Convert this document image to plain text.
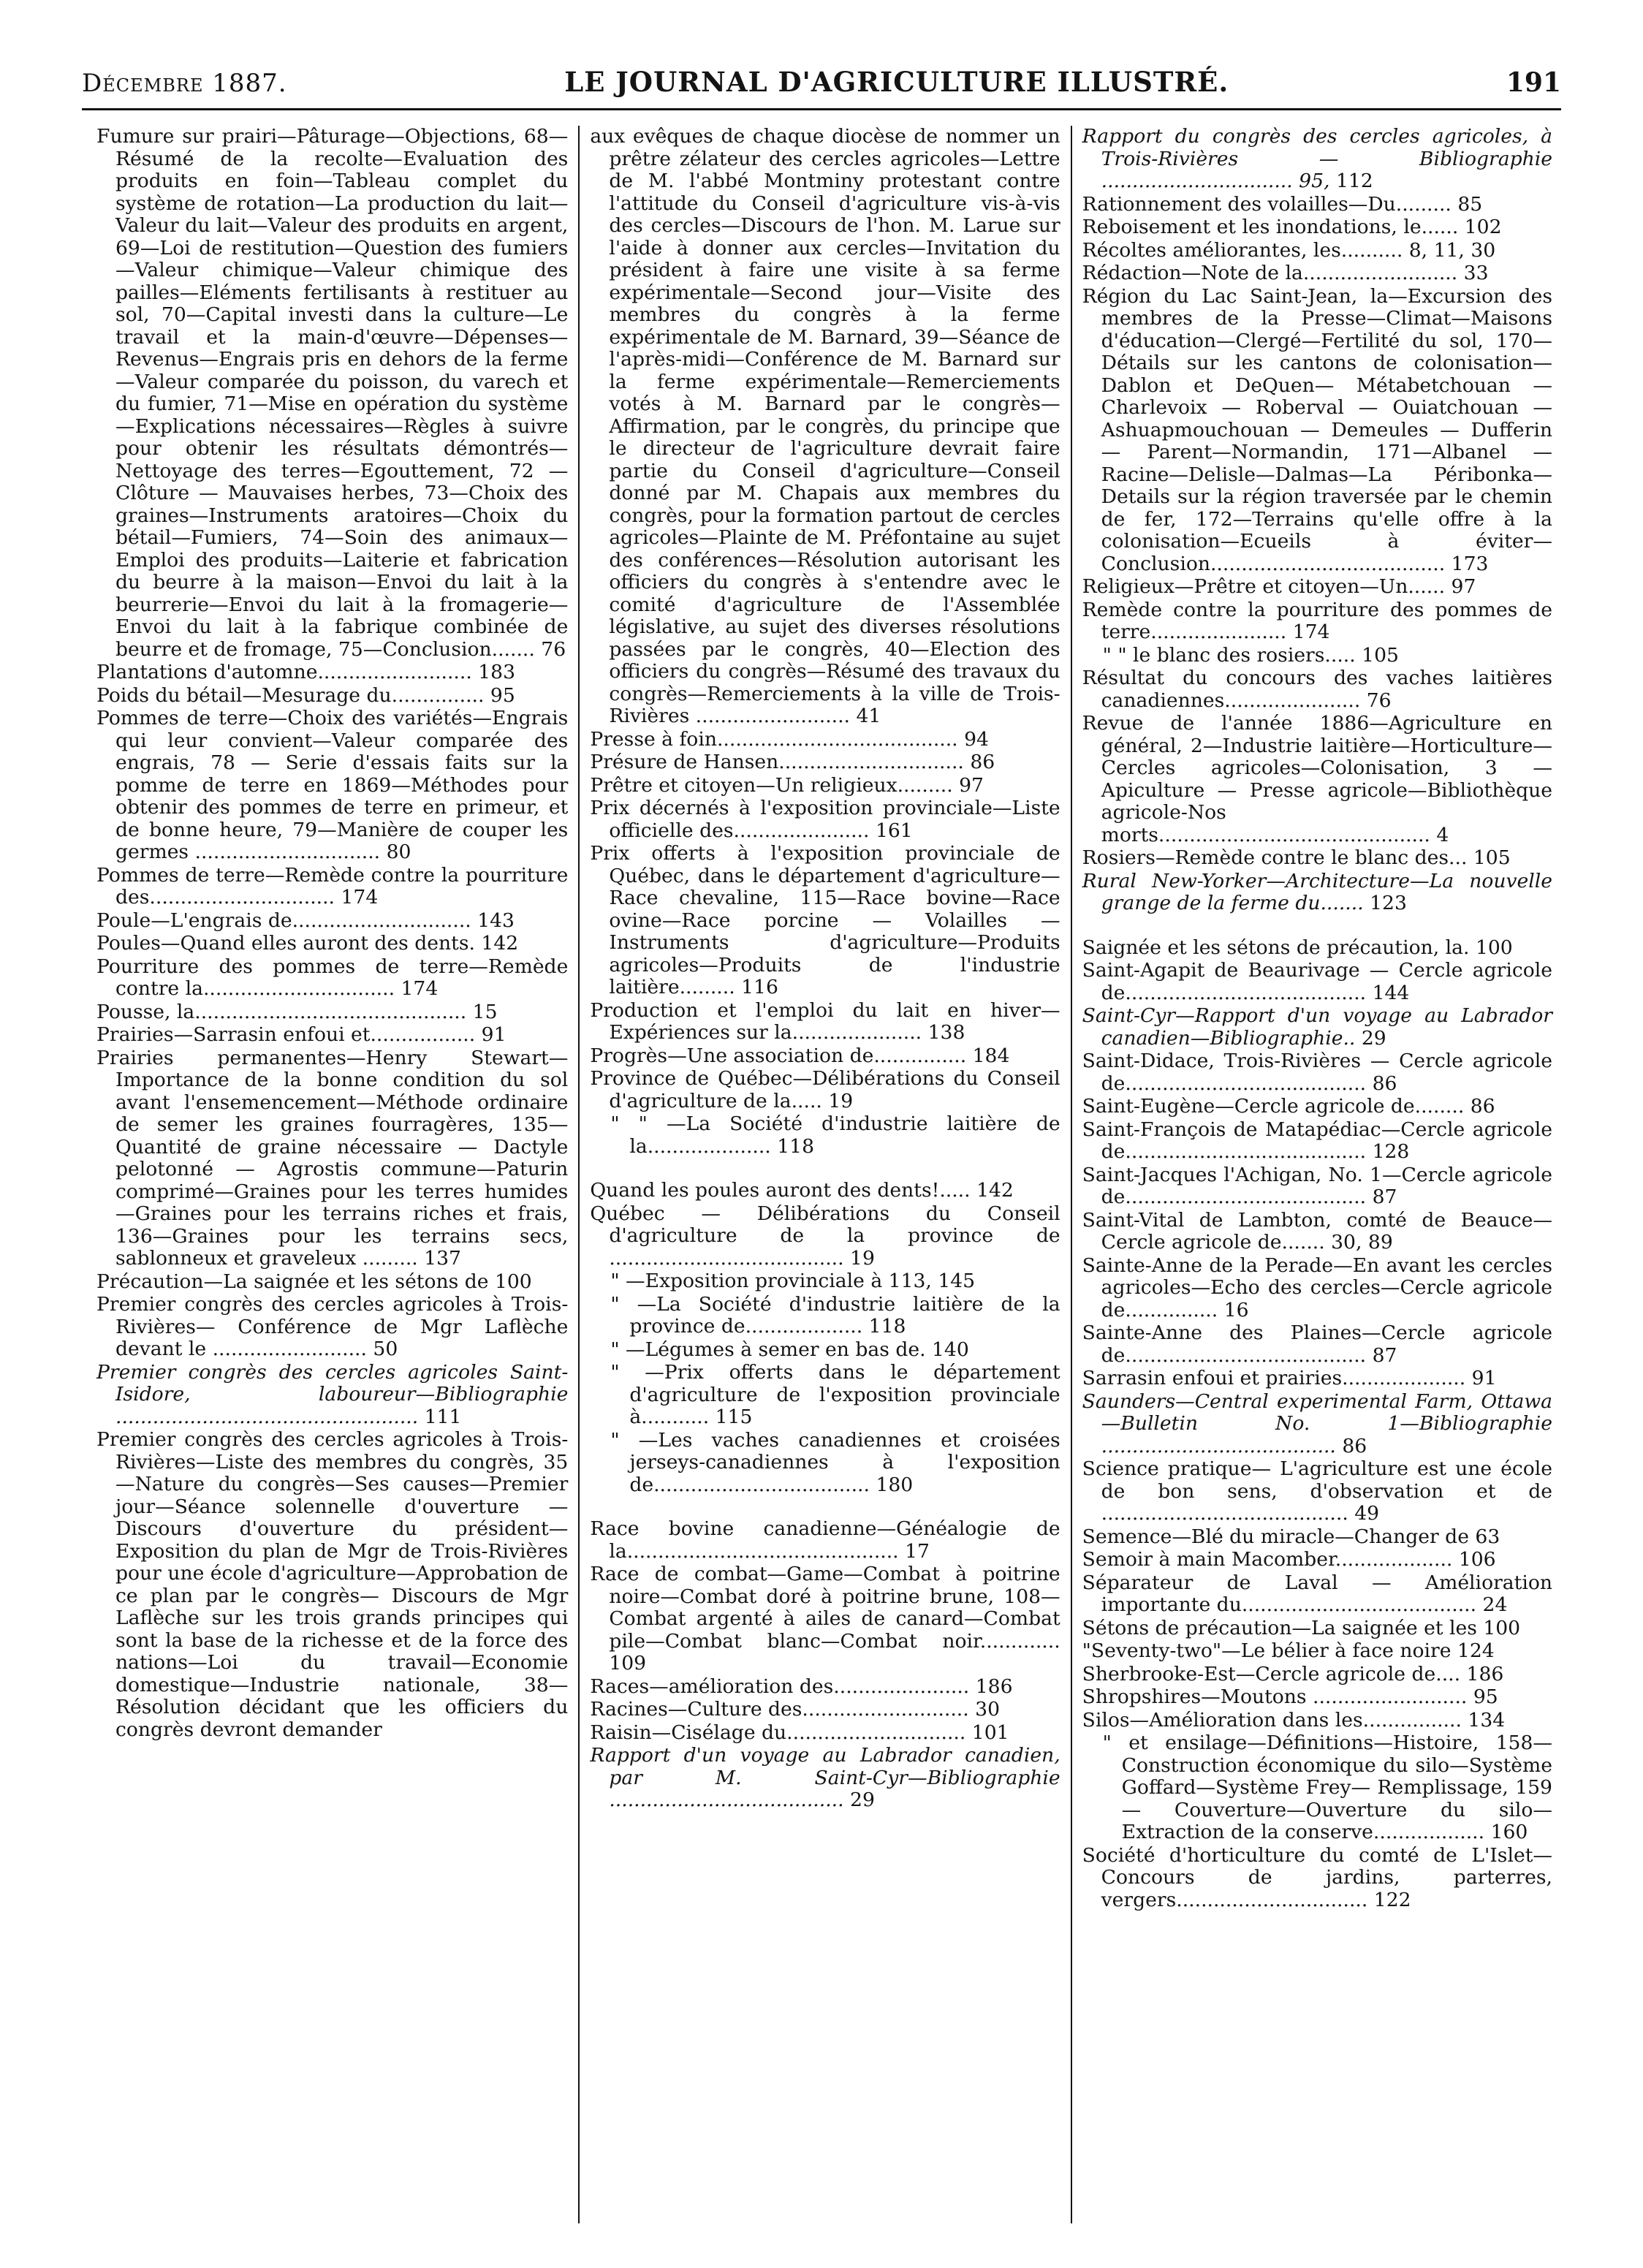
Décembre 1887.	LE JOURNAL D'AGRICULTURE ILLUSTRÉ.	191
Fumure sur prairi—Pâturage—Objections, 68—Résumé de la recolte—Evaluation des produits en foin—Tableau complet du système de rotation—La production du lait—Valeur du lait—Valeur des produits en argent, 69—Loi de restitution—Question des fumiers—Valeur chimique—Valeur chimique des pailles—Eléments fertilisants à restituer au sol, 70—Capital investi dans la culture—Le travail et la main-d'œuvre—Dépenses—Revenus—Engrais pris en dehors de la ferme—Valeur comparée du poisson, du varech et du fumier, 71—Mise en opération du système—Explications nécessaires—Règles à suivre pour obtenir les résultats démontrés—Nettoyage des terres—Egouttement, 72 — Clôture — Mauvaises herbes, 73—Choix des graines—Instruments aratoires—Choix du bétail—Fumiers, 74—Soin des animaux—Emploi des produits—Laiterie et fabrication du beurre à la maison—Envoi du lait à la beurrerie—Envoi du lait à la fromagerie—Envoi du lait à la fabrique combinée de beurre et de fromage, 75—Conclusion....... 76
Plantations d'automne......................... 183
Poids du bétail—Mesurage du............... 95
Pommes de terre—Choix des variétés—Engrais qui leur convient—Valeur comparée des engrais, 78 — Serie d'essais faits sur la pomme de terre en 1869—Méthodes pour obtenir des pommes de terre en primeur, et de bonne heure, 79—Manière de couper les germes .............................. 80
Pommes de terre—Remède contre la pourriture des.............................. 174
Poule—L'engrais de............................. 143
Poules—Quand elles auront des dents. 142
Pourriture des pommes de terre—Remède contre la............................... 174
Pousse, la............................................ 15
Prairies—Sarrasin enfoui et................. 91
Prairies permanentes—Henry Stewart—Importance de la bonne condition du sol avant l'ensemencement—Méthode ordinaire de semer les graines fourragères, 135—Quantité de graine nécessaire — Dactyle pelotonné — Agrostis commune—Paturin comprimé—Graines pour les terres humides—Graines pour les terrains riches et frais, 136—Graines pour les terrains secs, sablonneux et graveleux ......... 137
Précaution—La saignée et les sétons de 100
Premier congrès des cercles agricoles à Trois-Rivières— Conférence de Mgr Laflèche devant le ......................... 50
Premier congrès des cercles agricoles Saint-Isidore, laboureur—Bibliographie ................................................. 111
Premier congrès des cercles agricoles à Trois-Rivières—Liste des membres du congrès, 35—Nature du congrès—Ses causes—Premier jour—Séance solennelle d'ouverture — Discours d'ouverture du président—Exposition du plan de Mgr de Trois-Rivières pour une école d'agriculture—Approbation de ce plan par le congrès— Discours de Mgr Laflèche sur les trois grands principes qui sont la base de la richesse et de la force des nations—Loi du travail—Economie domestique—Industrie nationale, 38—Résolution décidant que les officiers du congrès devront demander
aux evêques de chaque diocèse de nommer un prêtre zélateur des cercles agricoles—Lettre de M. l'abbé Montminy protestant contre l'attitude du Conseil d'agriculture vis-à-vis des cercles—Discours de l'hon. M. Larue sur l'aide à donner aux cercles—Invitation du président à faire une visite à sa ferme expérimentale—Second jour—Visite des membres du congrès à la ferme expérimentale de M. Barnard, 39—Séance de l'après-midi—Conférence de M. Barnard sur la ferme expérimentale—Remerciements votés à M. Barnard par le congrès—Affirmation, par le congrès, du principe que le directeur de l'agriculture devrait faire partie du Conseil d'agriculture—Conseil donné par M. Chapais aux membres du congrès, pour la formation partout de cercles agricoles—Plainte de M. Préfontaine au sujet des conférences—Résolution autorisant les officiers du congrès à s'entendre avec le comité d'agriculture de l'Assemblée législative, au sujet des diverses résolutions passées par le congrès, 40—Election des officiers du congrès—Résumé des travaux du congrès—Remerciements à la ville de Trois-Rivières ......................... 41
Presse à foin....................................... 94
Présure de Hansen.............................. 86
Prêtre et citoyen—Un religieux......... 97
Prix décernés à l'exposition provinciale—Liste officielle des...................... 161
Prix offerts à l'exposition provinciale de Québec, dans le département d'agriculture—Race chevaline, 115—Race bovine—Race ovine—Race porcine — Volailles — Instruments d'agriculture—Produits agricoles—Produits de l'industrie laitière......... 116
Production et l'emploi du lait en hiver—Expériences sur la..................... 138
Progrès—Une association de............... 184
Province de Québec—Délibérations du Conseil d'agriculture de la..... 19
" " —La Société d'industrie laitière de la.................... 118
Quand les poules auront des dents!..... 142
Québec — Délibérations du Conseil d'agriculture de la province de ...................................... 19
" —Exposition provinciale à 113, 145
" —La Société d'industrie laitière de la province de................... 118
" —Légumes à semer en bas de. 140
" —Prix offerts dans le département d'agriculture de l'exposition provinciale à........... 115
" —Les vaches canadiennes et croisées jerseys-canadiennes à l'exposition de................................... 180
Race bovine canadienne—Généalogie de la............................................ 17
Race de combat—Game—Combat à poitrine noire—Combat doré à poitrine brune, 108—Combat argenté à ailes de canard—Combat pile—Combat blanc—Combat noir.............109
Races—amélioration des...................... 186
Racines—Culture des........................... 30
Raisin—Cisélage du............................. 101
Rapport d'un voyage au Labrador canadien, par M. Saint-Cyr—Bibliographie ...................................... 29
Rapport du congrès des cercles agricoles, à Trois-Rivières — Bibliographie ............................... 95, 112
Rationnement des volailles—Du......... 85
Reboisement et les inondations, le...... 102
Récoltes améliorantes, les.......... 8, 11, 30
Rédaction—Note de la......................... 33
Région du Lac Saint-Jean, la—Excursion des membres de la Presse—Climat—Maisons d'éducation—Clergé—Fertilité du sol, 170—Détails sur les cantons de colonisation—Dablon et DeQuen— Métabetchouan —Charlevoix — Roberval — Ouiatchouan — Ashuapmouchouan — Demeules — Dufferin — Parent—Normandin, 171—Albanel — Racine—Delisle—Dalmas—La Péribonka—Details sur la région traversée par le chemin de fer, 172—Terrains qu'elle offre à la colonisation—Ecueils à éviter— Conclusion...................................... 173
Religieux—Prêtre et citoyen—Un...... 97
Remède contre la pourriture des pommes de terre...................... 174
" " le blanc des rosiers..... 105
Résultat du concours des vaches laitières canadiennes...................... 76
Revue de l'année 1886—Agriculture en général, 2—Industrie laitière—Horticulture—Cercles agricoles—Colonisation, 3 — Apiculture — Presse agricole—Bibliothèque agricole-Nos morts............................................ 4
Rosiers—Remède contre le blanc des... 105
Rural New-Yorker—Architecture—La nouvelle grange de la ferme du....... 123
Saignée et les sétons de précaution, la. 100
Saint-Agapit de Beaurivage — Cercle agricole de....................................... 144
Saint-Cyr—Rapport d'un voyage au Labrador canadien—Bibliographie.. 29
Saint-Didace, Trois-Rivières — Cercle agricole de....................................... 86
Saint-Eugène—Cercle agricole de........ 86
Saint-François de Matapédiac—Cercle agricole de....................................... 128
Saint-Jacques l'Achigan, No. 1—Cercle agricole de....................................... 87
Saint-Vital de Lambton, comté de Beauce—Cercle agricole de....... 30, 89
Sainte-Anne de la Perade—En avant les cercles agricoles—Echo des cercles—Cercle agricole de............... 16
Sainte-Anne des Plaines—Cercle agricole de....................................... 87
Sarrasin enfoui et prairies.................... 91
Saunders—Central experimental Farm, Ottawa—Bulletin No. 1—Bibliographie ...................................... 86
Science pratique— L'agriculture est une école de bon sens, d'observation et de ........................................ 49
Semence—Blé du miracle—Changer de 63
Semoir à main Macomber................... 106
Séparateur de Laval — Amélioration importante du...................................... 24
Sétons de précaution—La saignée et les 100
"Seventy-two"—Le bélier à face noire 124
Sherbrooke-Est—Cercle agricole de.... 186
Shropshires—Moutons ......................... 95
Silos—Amélioration dans les................ 134
" et ensilage—Définitions—Histoire, 158—Construction économique du silo—Système Goffard—Système Frey— Remplissage, 159 — Couverture—Ouverture du silo—Extraction de la conserve.................. 160
Société d'horticulture du comté de L'Islet—Concours de jardins, parterres, vergers............................... 122
